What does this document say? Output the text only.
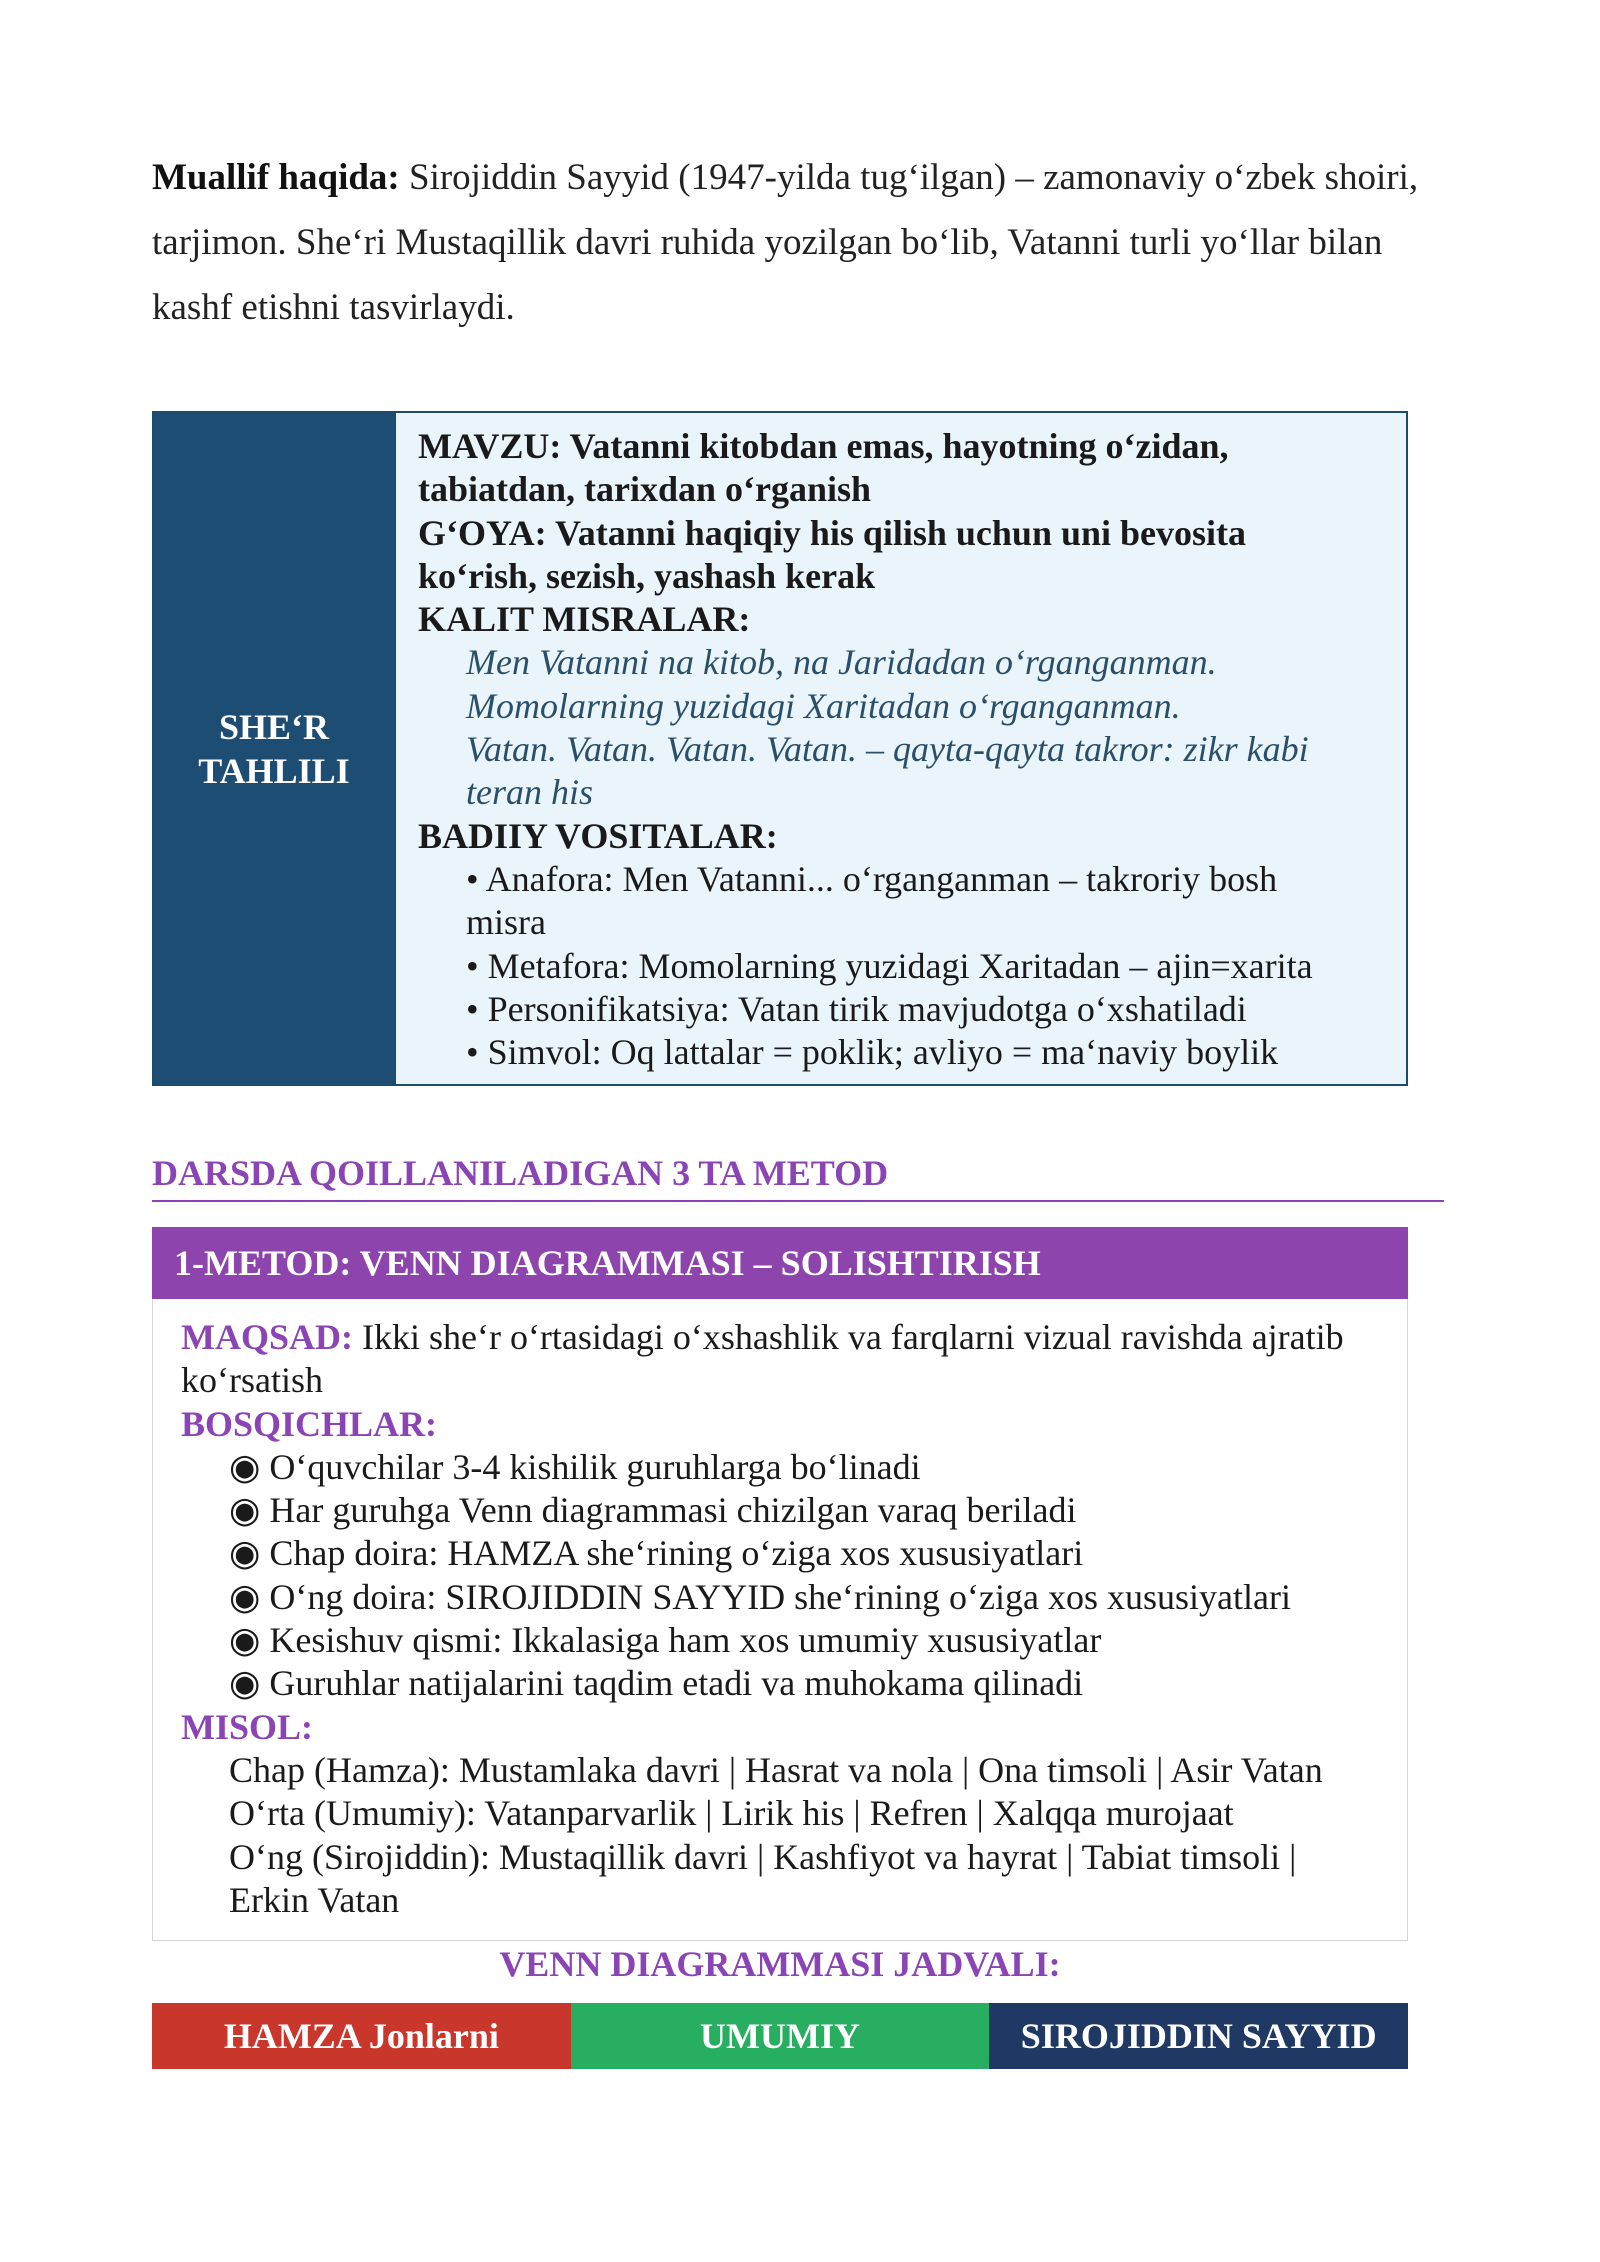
Muallif haqida: Sirojiddin Sayyid (1947-yilda tug‘ilgan) – zamonaviy o‘zbek shoiri, tarjimon. She‘ri Mustaqillik davri ruhida yozilgan bo‘lib, Vatanni turli yo‘llar bilan kashf etishni tasvirlaydi.
SHE‘R
TAHLILI
MAVZU: Vatanni kitobdan emas, hayotning o‘zidan, tabiatdan, tarixdan o‘rganish
G‘OYA: Vatanni haqiqiy his qilish uchun uni bevosita ko‘rish, sezish, yashash kerak
KALIT MISRALAR:
Men Vatanni na kitob, na Jaridadan o‘rganganman.
Momolarning yuzidagi Xaritadan o‘rganganman.
Vatan. Vatan. Vatan. Vatan. – qayta-qayta takror: zikr kabi teran his
BADIIY VOSITALAR:
• Anafora: Men Vatanni... o‘rganganman – takroriy bosh misra
• Metafora: Momolarning yuzidagi Xaritadan – ajin=xarita
• Personifikatsiya: Vatan tirik mavjudotga o‘xshatiladi
• Simvol: Oq lattalar = poklik; avliyo = ma‘naviy boylik
DARSDA QOILLANILADIGAN 3 TA METOD
1-METOD: VENN DIAGRAMMASI – SOLISHTIRISH
MAQSAD: Ikki she‘r o‘rtasidagi o‘xshashlik va farqlarni vizual ravishda ajratib ko‘rsatish
BOSQICHLAR:
◉ O‘quvchilar 3-4 kishilik guruhlarga bo‘linadi
◉ Har guruhga Venn diagrammasi chizilgan varaq beriladi
◉ Chap doira: HAMZA she‘rining o‘ziga xos xususiyatlari
◉ O‘ng doira: SIROJIDDIN SAYYID she‘rining o‘ziga xos xususiyatlari
◉ Kesishuv qismi: Ikkalasiga ham xos umumiy xususiyatlar
◉ Guruhlar natijalarini taqdim etadi va muhokama qilinadi
MISOL:
Chap (Hamza): Mustamlaka davri | Hasrat va nola | Ona timsoli | Asir Vatan
O‘rta (Umumiy): Vatanparvarlik | Lirik his | Refren | Xalqqa murojaat
O‘ng (Sirojiddin): Mustaqillik davri | Kashfiyot va hayrat | Tabiat timsoli | Erkin Vatan
VENN DIAGRAMMASI JADVALI:
HAMZA Jonlarni	UMUMIY	SIROJIDDIN SAYYID
